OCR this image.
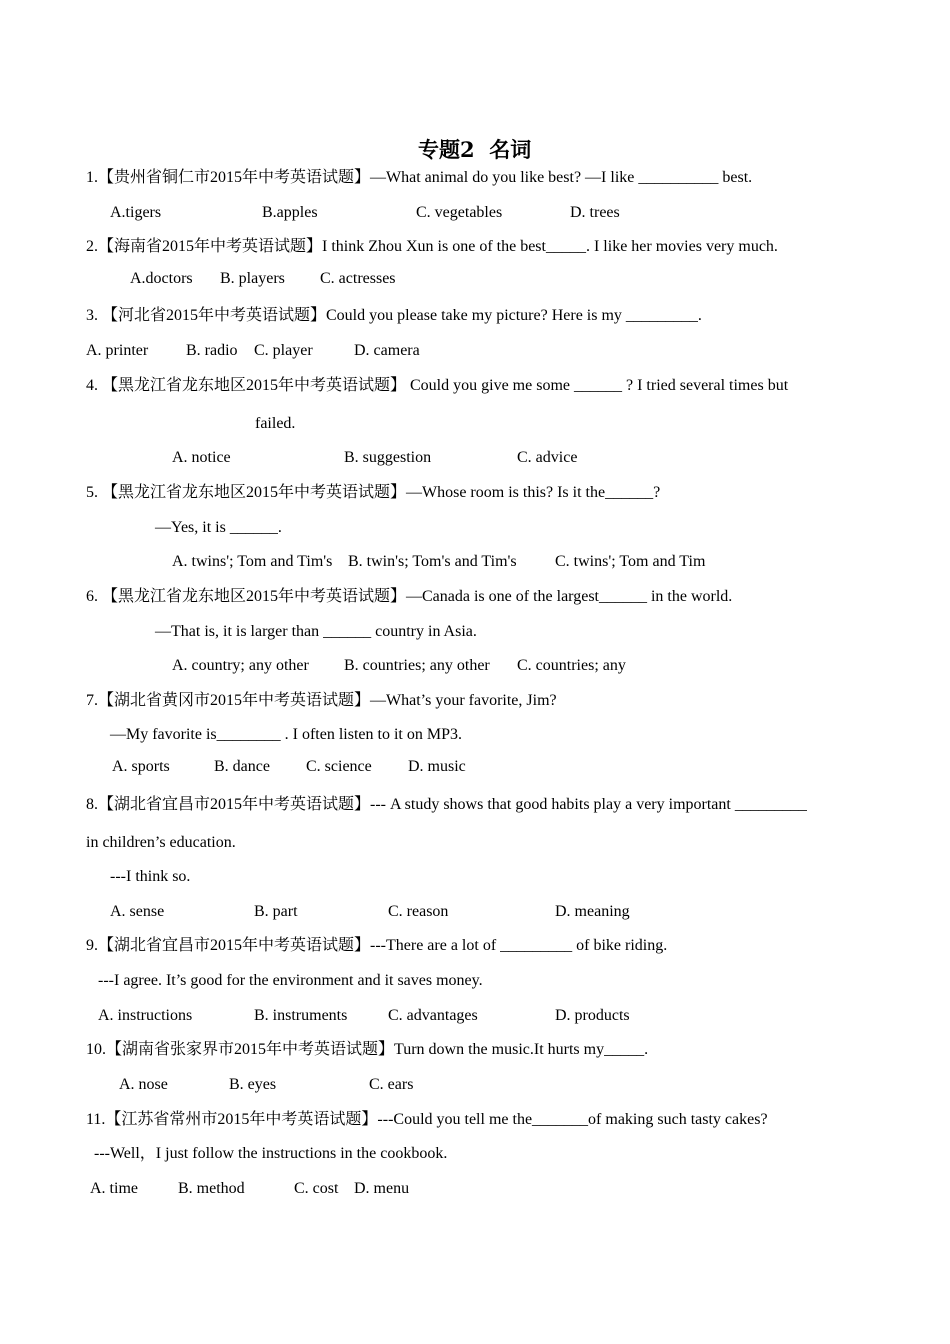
专题2  名词
1.【贵州省铜仁市2015年中考英语试题】—What animal do you like best? —I like __________ best.
A.tigers	B.apples	C. vegetables	D. trees
2.【海南省2015年中考英语试题】I think Zhou Xun is one of the best_____. I like her movies very much.
A.doctors B. players C. actresses
3. 【河北省2015年中考英语试题】Could you please take my picture? Here is my _________.
A. printer B. radio C. player	D. camera
4. 【黑龙江省龙东地区2015年中考英语试题】 Could you give me some ______ ? I tried several times but
failed.
A. notice	B. suggestion	C. advice
5. 【黑龙江省龙东地区2015年中考英语试题】—Whose room is this? Is it the______?
—Yes, it is ______.
A. twins'; Tom and Tim's B. twin's; Tom's and Tim's C. twins'; Tom and Tim
6. 【黑龙江省龙东地区2015年中考英语试题】—Canada is one of the largest______ in the world.
—That is, it is larger than ______ country in Asia.
A. country; any other B. countries; any other C. countries; any
7.【湖北省黄冈市2015年中考英语试题】—What’s your favorite, Jim?
—My favorite is________ . I often listen to it on MP3.
A. sports	B. dance C. science D. music
8.【湖北省宜昌市2015年中考英语试题】--- A study shows that good habits play a very important _________
in children’s education.
---I think so.
A. sense	B. part	C. reason	D. meaning
9.【湖北省宜昌市2015年中考英语试题】---There are a lot of _________ of bike riding.
---I agree. It’s good for the environment and it saves money.
A. instructions	B. instruments	C. advantages	D. products
10.【湖南省张家界市2015年中考英语试题】Turn down the music.It hurts my_____.
A. nose	B. eyes	C. ears
11.【江苏省常州市2015年中考英语试题】---Could you tell me the_______of making such tasty cakes?
---Well，I just follow the instructions in the cookbook.
A. time	B. method	C. cost D. menu
